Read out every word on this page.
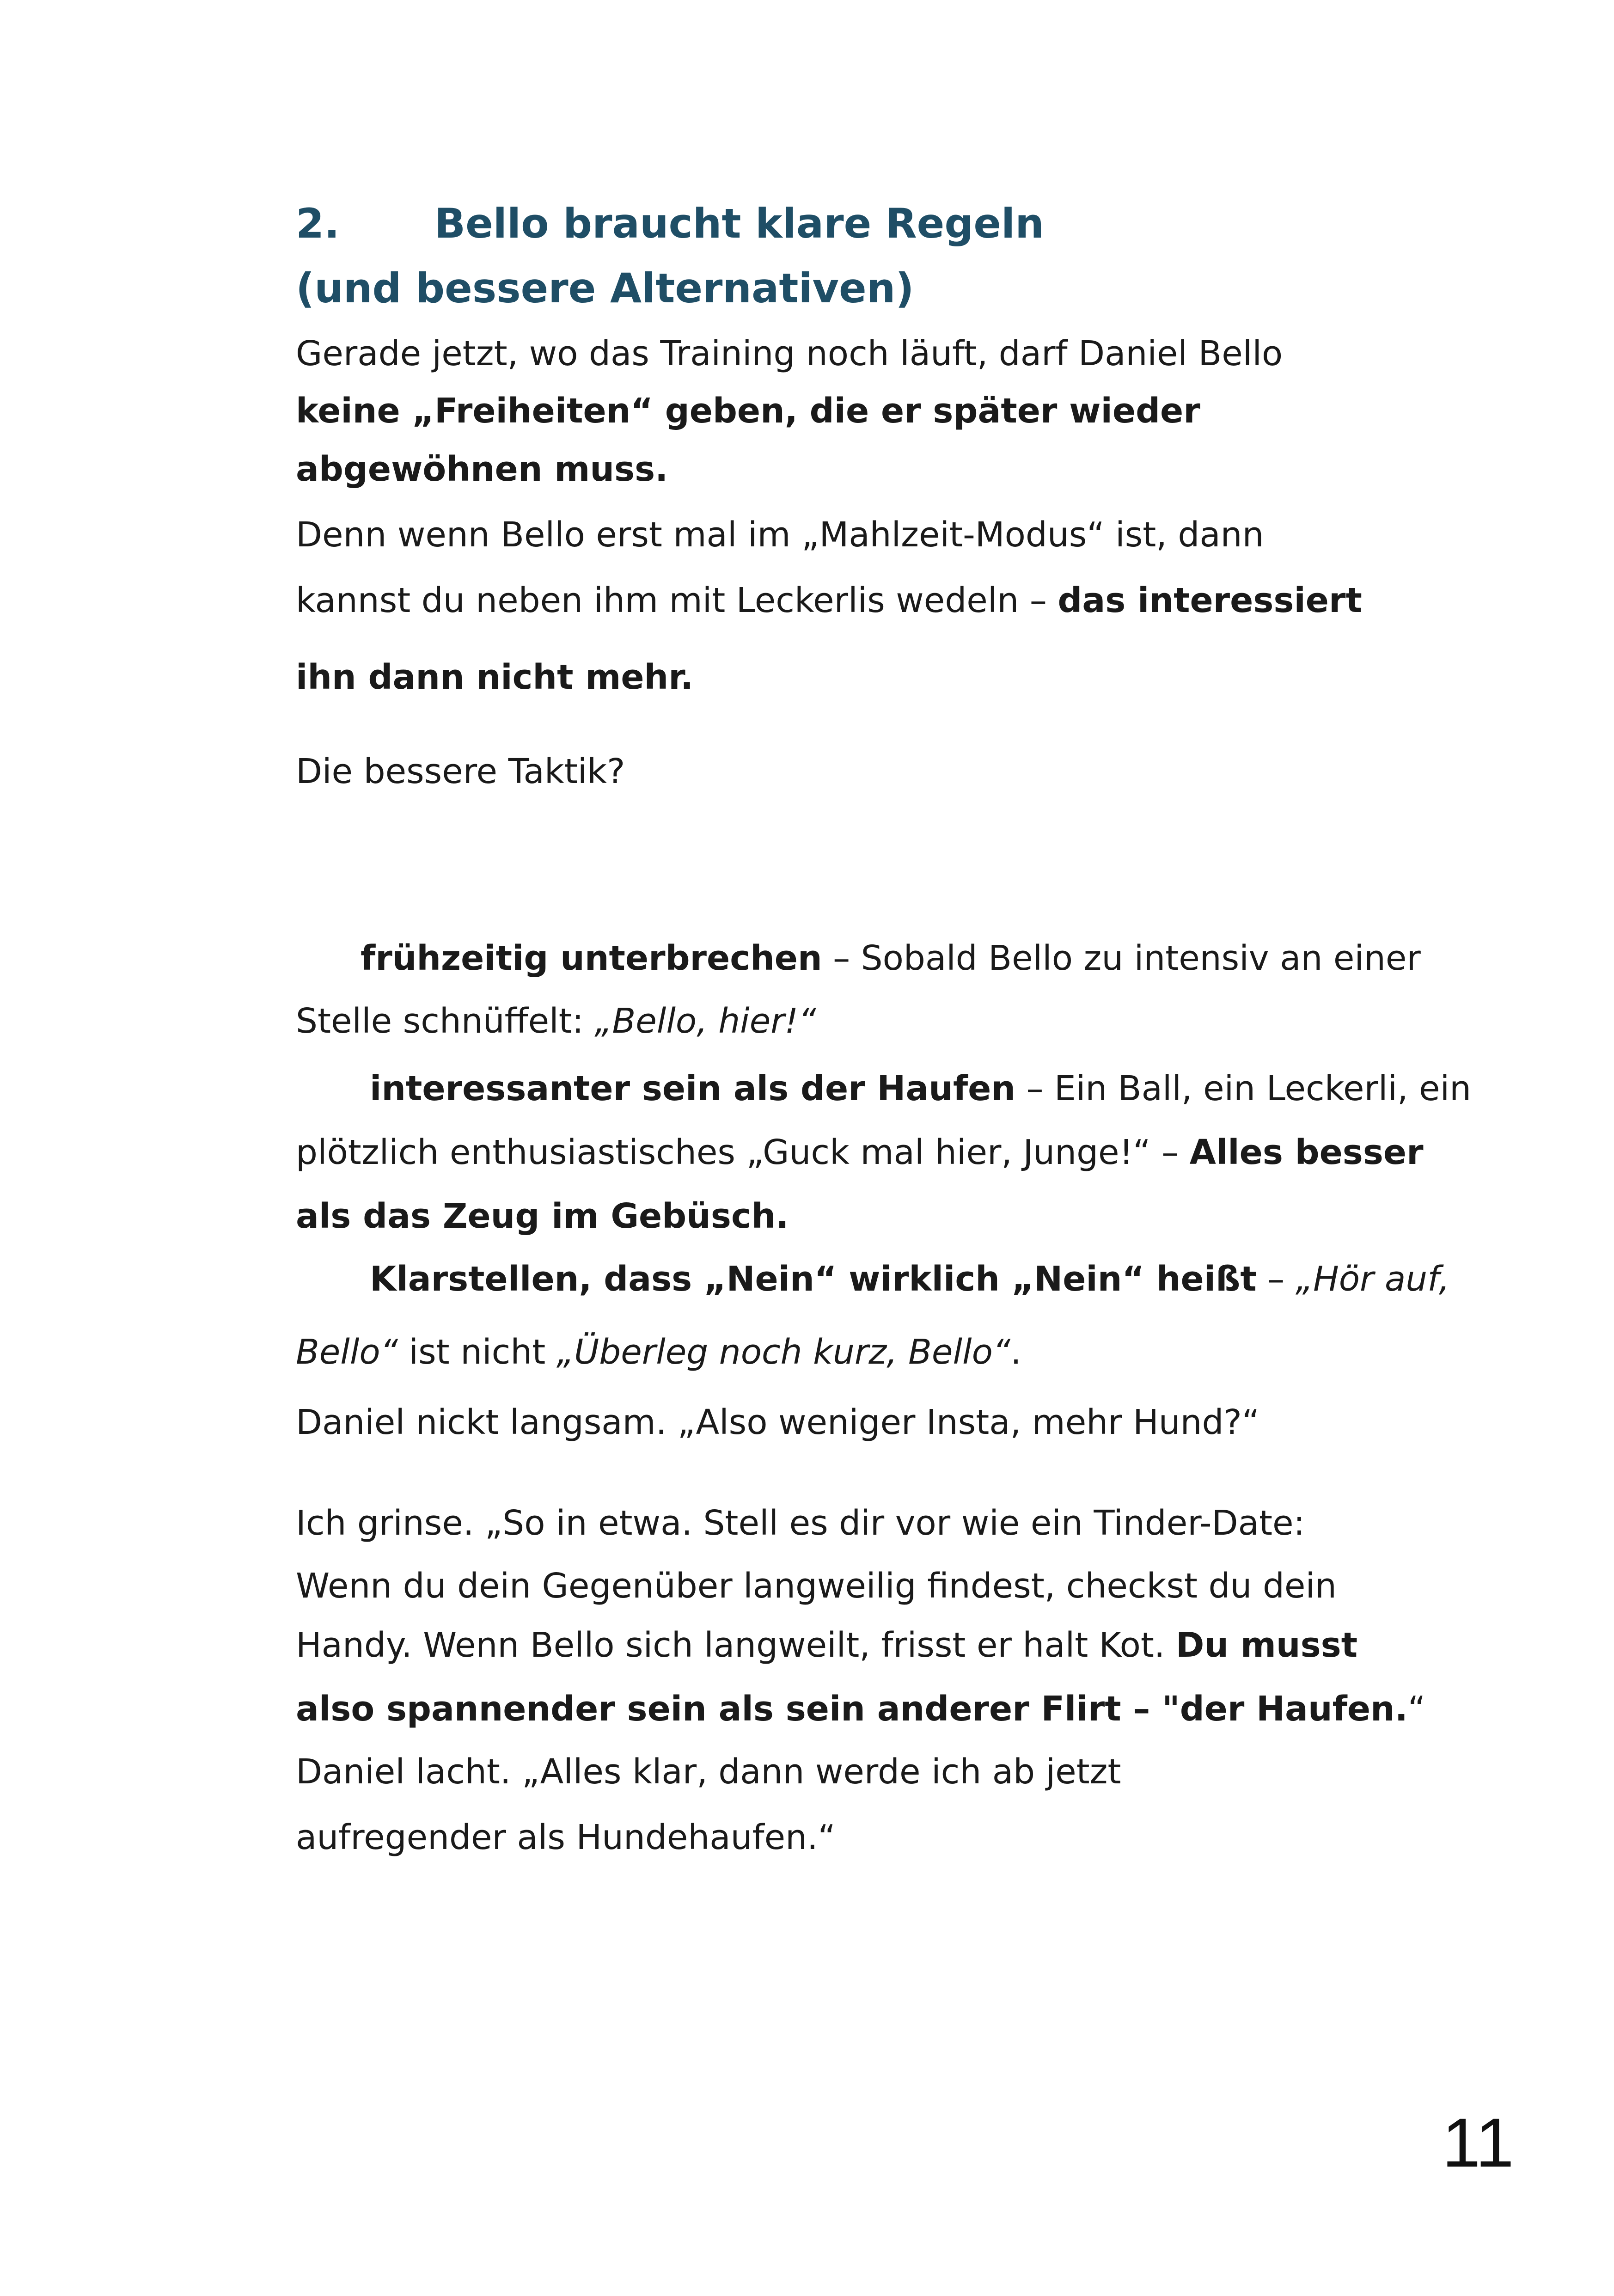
2. Bello braucht klare Regeln
(und bessere Alternativen)
Gerade jetzt, wo das Training noch läuft, darf Daniel Bello
keine „Freiheiten“ geben, die er später wieder
abgewöhnen muss.
Denn wenn Bello erst mal im „Mahlzeit-Modus“ ist, dann
kannst du neben ihm mit Leckerlis wedeln – das interessiert
ihn dann nicht mehr.
Die bessere Taktik?
frühzeitig unterbrechen – Sobald Bello zu intensiv an einer
Stelle schnüffelt: „Bello, hier!“
interessanter sein als der Haufen – Ein Ball, ein Leckerli, ein
plötzlich enthusiastisches „Guck mal hier, Junge!“ – Alles besser
als das Zeug im Gebüsch.
Klarstellen, dass „Nein“ wirklich „Nein“ heißt – „Hör auf,
Bello“ ist nicht „Überleg noch kurz, Bello“.
Daniel nickt langsam. „Also weniger Insta, mehr Hund?“
Ich grinse. „So in etwa. Stell es dir vor wie ein Tinder-Date:
Wenn du dein Gegenüber langweilig findest, checkst du dein
Handy. Wenn Bello sich langweilt, frisst er halt Kot. Du musst
also spannender sein als sein anderer Flirt – "der Haufen.“
Daniel lacht. „Alles klar, dann werde ich ab jetzt
aufregender als Hundehaufen.“
11
